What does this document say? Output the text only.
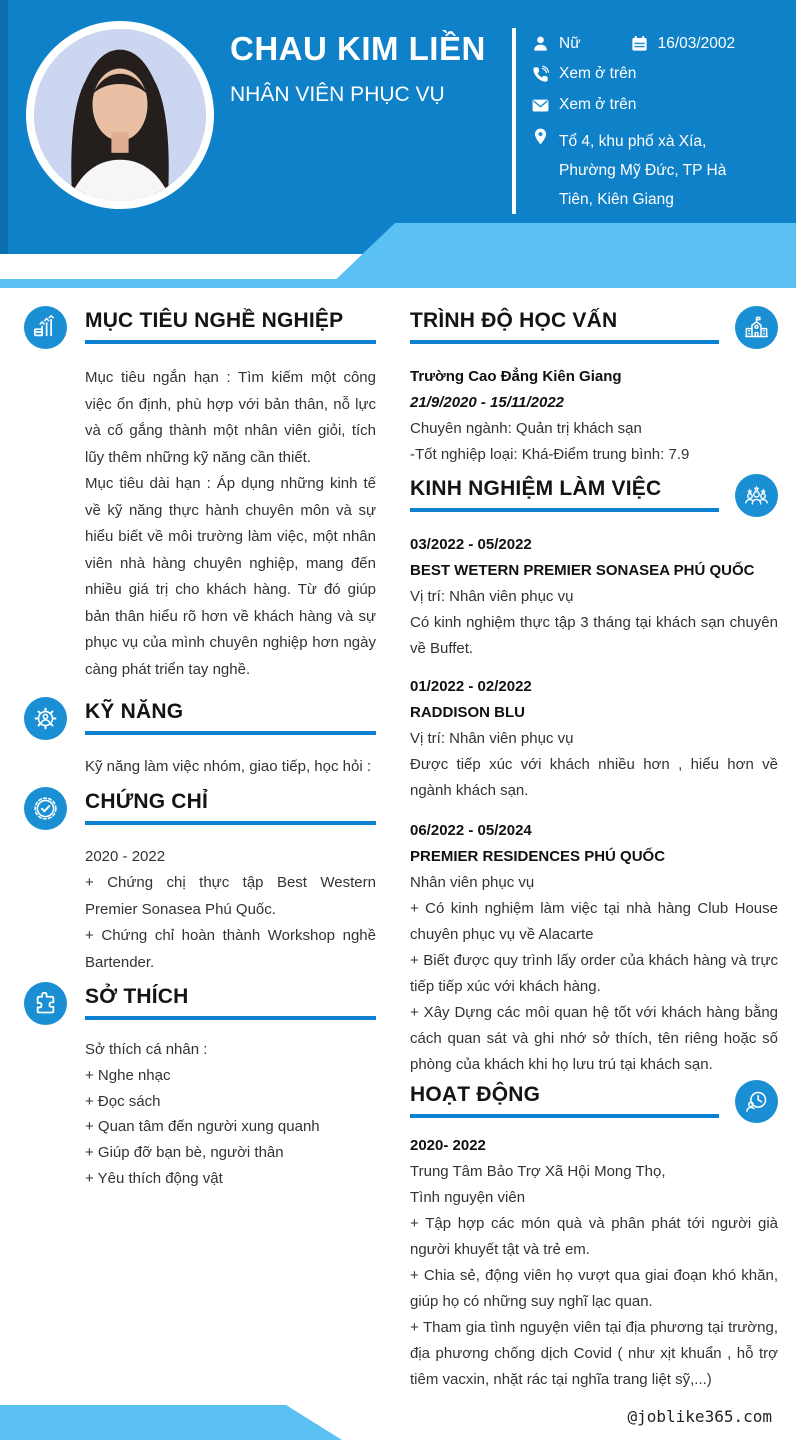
CHAU KIM LIỀN
NHÂN VIÊN PHỤC VỤ
Nữ	16/03/2002
Xem ở trên
Xem ở trên
Tổ 4, khu phố xà Xía, Phường Mỹ Đức, TP Hà Tiên, Kiên Giang
MỤC TIÊU NGHỀ NGHIỆP

Mục tiêu ngắn hạn : Tìm kiếm một công việc ổn định, phù hợp với bản thân, nỗ lực và cố gắng thành một nhân viên giỏi, tích lũy thêm những kỹ năng cần thiết.

Mục tiêu dài hạn : Áp dụng những kinh tế về kỹ năng thực hành chuyên môn và sự hiểu biết về môi trường làm việc, một nhân viên nhà hàng chuyên nghiệp, mang đến nhiều giá trị cho khách hàng. Từ đó giúp bản thân hiểu rõ hơn về khách hàng và sự phục vụ của mình chuyên nghiệp hơn ngày càng phát triển tay nghề.

KỸ NĂNG
Kỹ năng làm việc nhóm, giao tiếp, học hỏi :
CHỨNG CHỈ
2020 - 2022
+ Chứng chị thực tập Best Western Premier Sonasea Phú Quốc.
+ Chứng chỉ hoàn thành Workshop nghề Bartender.
SỞ THÍCH
Sở thích cá nhân :
+ Nghe nhạc
+ Đọc sách
+ Quan tâm đến người xung quanh
+ Giúp đỡ bạn bè, người thân
+ Yêu thích động vật
TRÌNH ĐỘ HỌC VẤN
Trường Cao Đẳng Kiên Giang
21/9/2020 - 15/11/2022
Chuyên ngành: Quản trị khách sạn
-Tốt nghiệp loại: Khá-Điểm trung bình: 7.9
KINH NGHIỆM LÀM VIỆC
03/2022 - 05/2022
BEST WETERN PREMIER SONASEA PHÚ QUỐC
Vị trí: Nhân viên phục vụ
Có kinh nghiệm thực tập 3 tháng tại khách sạn chuyên về Buffet.
01/2022 - 02/2022
RADDISON BLU
Vị trí: Nhân viên phục vụ
Được tiếp xúc với khách nhiều hơn , hiểu hơn về ngành khách sạn.
06/2022 - 05/2024
PREMIER RESIDENCES PHÚ QUỐC
Nhân viên phục vụ
+ Có kinh nghiệm làm việc tại nhà hàng Club House chuyên phục vụ về Alacarte
+ Biết được quy trình lấy order của khách hàng và trực tiếp tiếp xúc với khách hàng.
+ Xây Dựng các môi quan hệ tốt với khách hàng bằng cách quan sát và ghi nhớ sở thích, tên riêng hoặc số phòng của khách khi họ lưu trú tại khách sạn.
HOẠT ĐỘNG
2020- 2022
Trung Tâm Bảo Trợ Xã Hội Mong Thọ,
Tình nguyện viên
+ Tập hợp các món quà và phân phát tới người già người khuyết tật và trẻ em.
+ Chia sẻ, động viên họ vượt qua giai đoạn khó khăn, giúp họ có những suy nghĩ lạc quan.
+ Tham gia tình nguyện viên tại địa phương tại trường, địa phương chống dịch Covid ( như xịt khuẩn , hỗ trợ tiêm vacxin, nhặt rác tại nghĩa trang liệt sỹ,...)
@joblike365.com
